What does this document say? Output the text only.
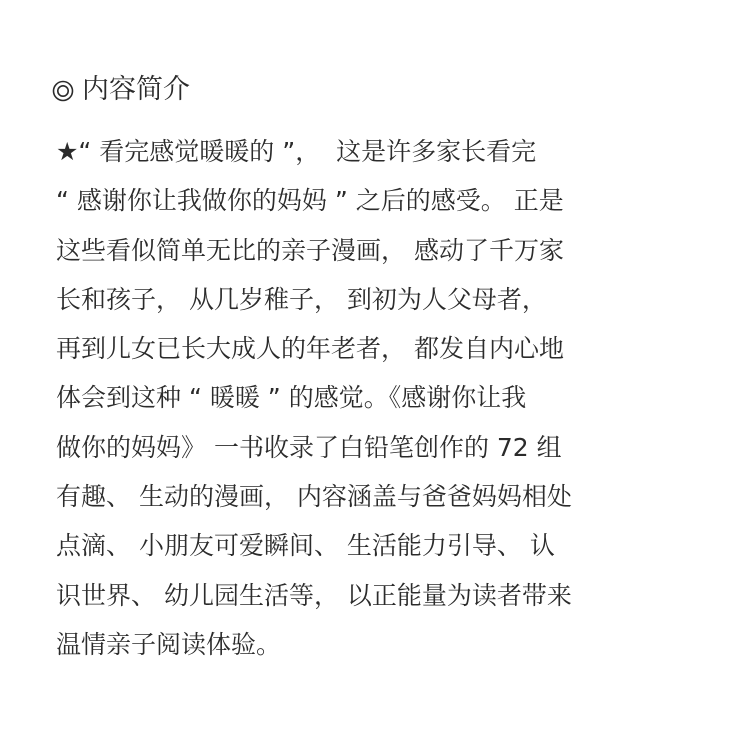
内容简介
★“ 看完感觉暖暖的 ”，  这是许多家长看完
“ 感谢你让我做你的妈妈 ” 之后的感受。 正是
这些看似简单无比的亲子漫画， 感动了千万家
长和孩子， 从几岁稚子， 到初为人父母者，
再到儿女已长大成人的年老者， 都发自内心地
体会到这种 “ 暖暖 ” 的感觉。《感谢你让我
做你的妈妈》 一书收录了白铅笔创作的 72 组
有趣、 生动的漫画， 内容涵盖与爸爸妈妈相处
点滴、 小朋友可爱瞬间、 生活能力引导、 认
识世界、 幼儿园生活等， 以正能量为读者带来
温情亲子阅读体验。
